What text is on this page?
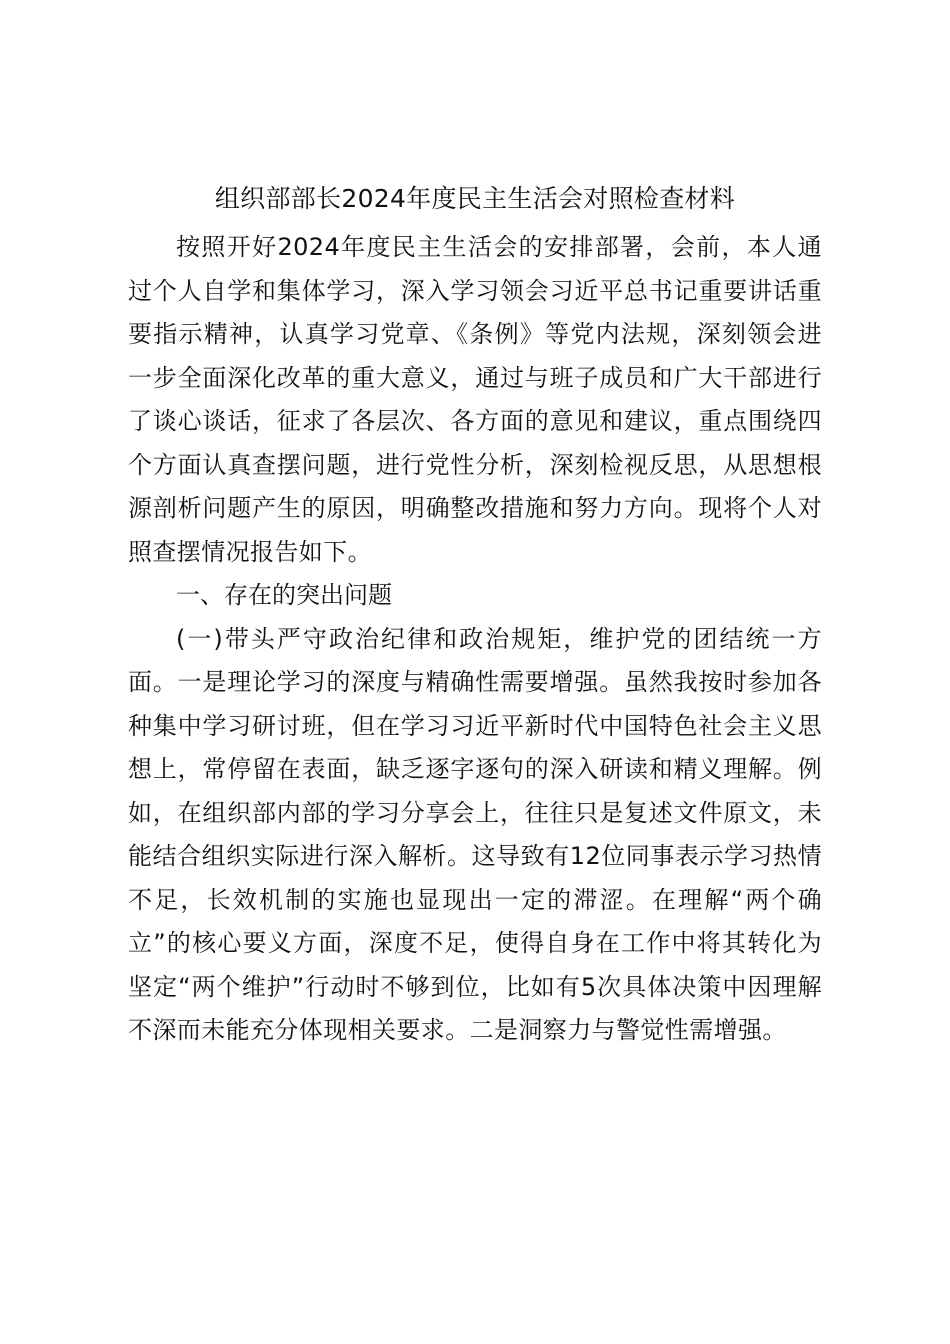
组织部部长2024年度民主生活会对照检查材料

按照开好2024年度民主生活会的安排部署，会前，本人通过个人自学和集体学习，深入学习领会习近平总书记重要讲话重要指示精神，认真学习党章、《条例》等党内法规，深刻领会进一步全面深化改革的重大意义，通过与班子成员和广大干部进行了谈心谈话，征求了各层次、各方面的意见和建议，重点围绕四个方面认真查摆问题，进行党性分析，深刻检视反思，从思想根源剖析问题产生的原因，明确整改措施和努力方向。现将个人对照查摆情况报告如下。

一、存在的突出问题

(一)带头严守政治纪律和政治规矩，维护党的团结统一方面。一是理论学习的深度与精确性需要增强。虽然我按时参加各种集中学习研讨班，但在学习习近平新时代中国特色社会主义思想上，常停留在表面，缺乏逐字逐句的深入研读和精义理解。例如，在组织部内部的学习分享会上，往往只是复述文件原文，未能结合组织实际进行深入解析。这导致有12位同事表示学习热情不足，长效机制的实施也显现出一定的滞涩。在理解“两个确立”的核心要义方面，深度不足，使得自身在工作中将其转化为坚定“两个维护”行动时不够到位，比如有5次具体决策中因理解不深而未能充分体现相关要求。二是洞察力与警觉性需增强。
